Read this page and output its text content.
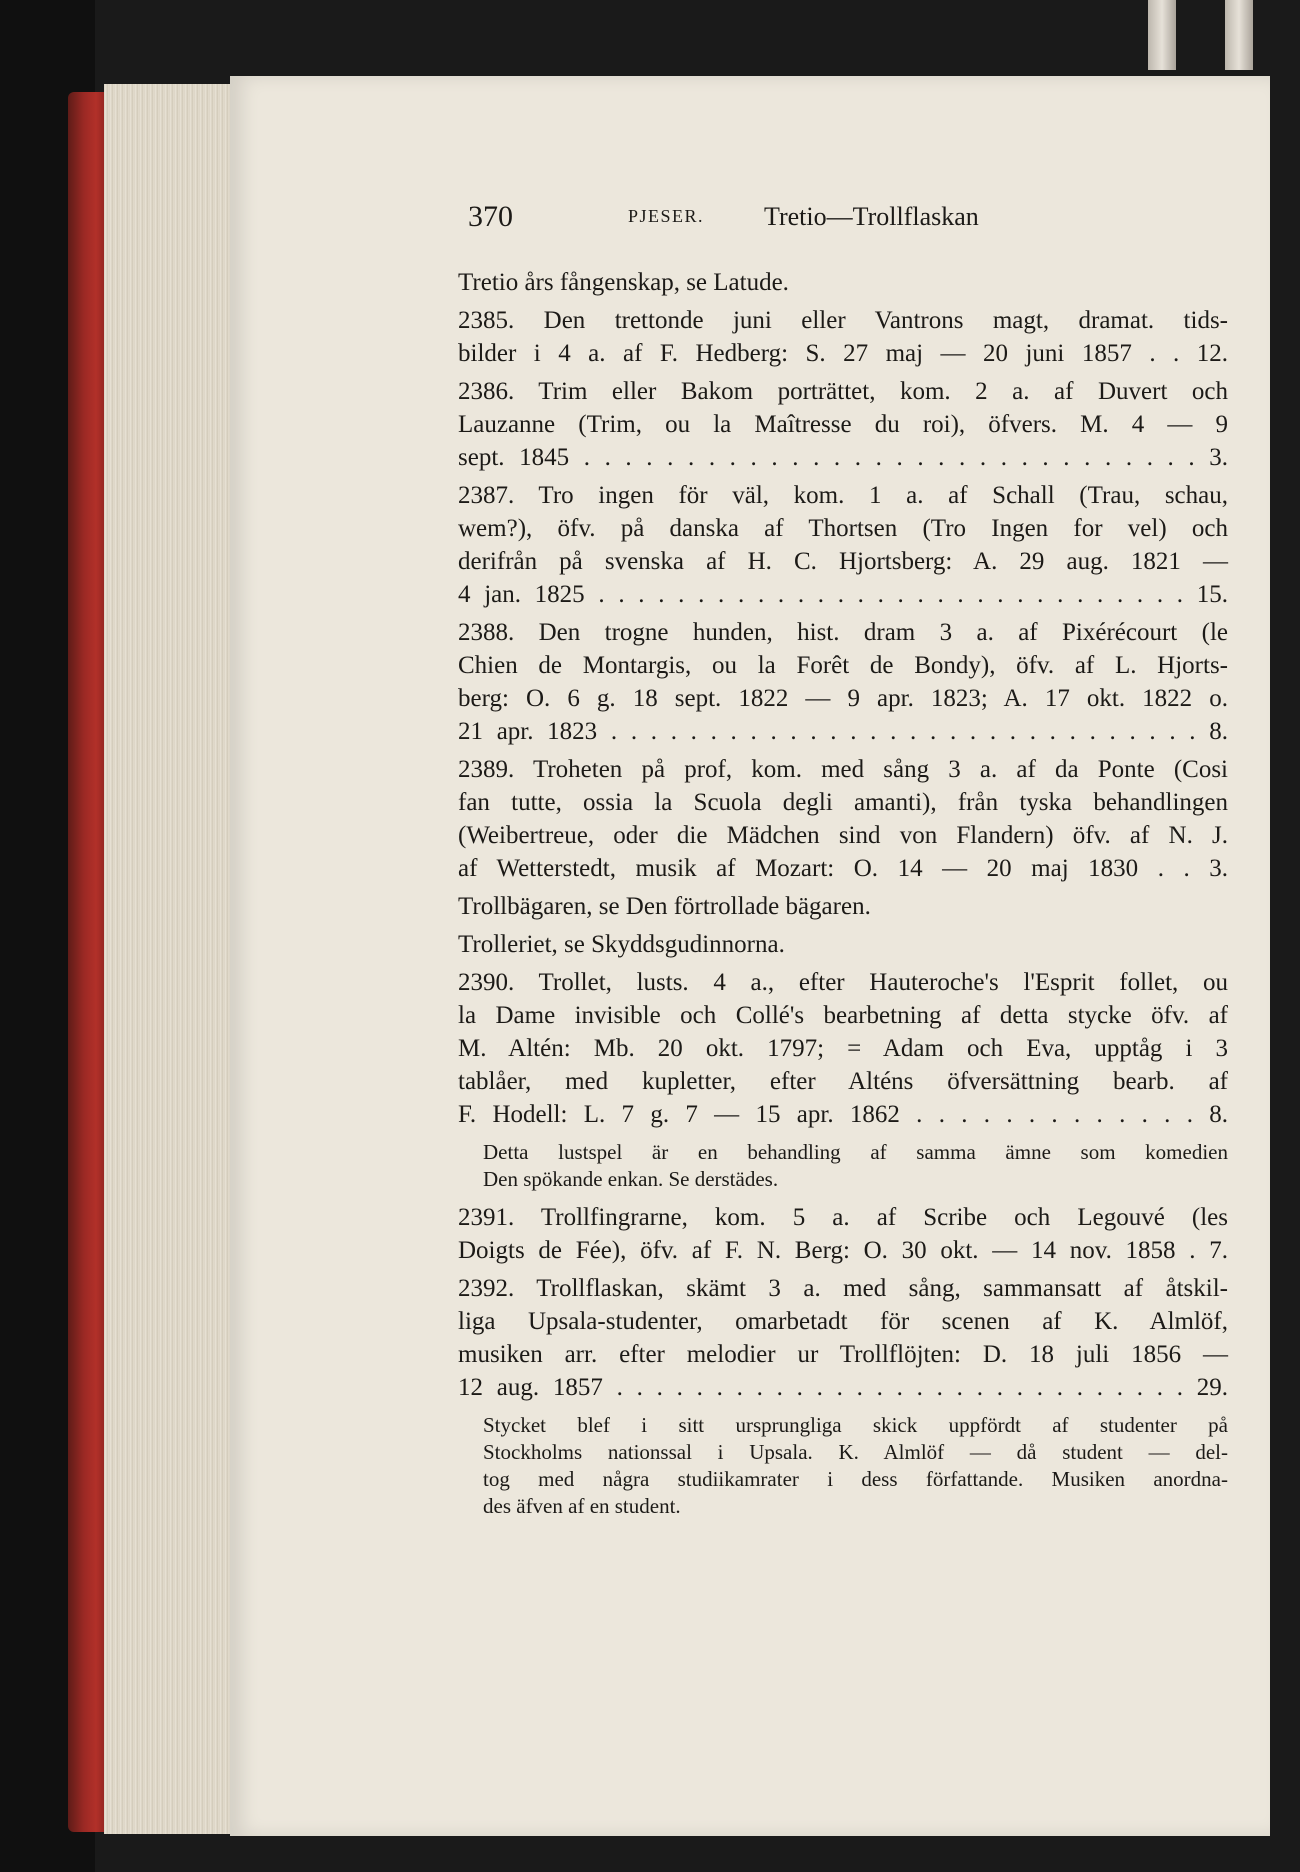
370	PJESER. Tretio—Trollflaskan
Tretio års fångenskap, se Latude.
2385. Den trettonde juni eller Vantrons magt, dramat. tids-
bilder i 4 a. af F. Hedberg: S. 27 maj — 20 juni 1857 . . 12.
2386. Trim eller Bakom porträttet, kom. 2 a. af Duvert och
Lauzanne (Trim, ou la Maîtresse du roi), öfvers. M. 4 — 9
sept. 1845 . . . . . . . . . . . . . . . . . . . . . . . . . . . . . . 3.
2387. Tro ingen för väl, kom. 1 a. af Schall (Trau, schau,
wem?), öfv. på danska af Thortsen (Tro Ingen for vel) och
derifrån på svenska af H. C. Hjortsberg: A. 29 aug. 1821 —
4 jan. 1825 . . . . . . . . . . . . . . . . . . . . . . . . . . . . . . 15.
2388. Den trogne hunden, hist. dram 3 a. af Pixérécourt (le
Chien de Montargis, ou la Forêt de Bondy), öfv. af L. Hjorts-
berg: O. 6 g. 18 sept. 1822 — 9 apr. 1823; A. 17 okt. 1822 o.
21 apr. 1823 . . . . . . . . . . . . . . . . . . . . . . . . . . . . . . 8.
2389. Troheten på prof, kom. med sång 3 a. af da Ponte (Cosi
fan tutte, ossia la Scuola degli amanti), från tyska behandlingen
(Weibertreue, oder die Mädchen sind von Flandern) öfv. af N. J.
af Wetterstedt, musik af Mozart: O. 14 — 20 maj 1830 . . 3.
Trollbägaren, se Den förtrollade bägaren.
Trolleriet, se Skyddsgudinnorna.
2390. Trollet, lusts. 4 a., efter Hauteroche's l'Esprit follet, ou
la Dame invisible och Collé's bearbetning af detta stycke öfv. af
M. Altén: Mb. 20 okt. 1797; = Adam och Eva, upptåg i 3
tablåer, med kupletter, efter Alténs öfversättning bearb. af
F. Hodell: L. 7 g. 7 — 15 apr. 1862 . . . . . . . . . . . . . 8.
Detta lustspel är en behandling af samma ämne som komedien
Den spökande enkan. Se derstädes.
2391. Trollfingrarne, kom. 5 a. af Scribe och Legouvé (les
Doigts de Fée), öfv. af F. N. Berg: O. 30 okt. — 14 nov. 1858 . 7.
2392. Trollflaskan, skämt 3 a. med sång, sammansatt af åtskil-
liga Upsala-studenter, omarbetadt för scenen af K. Almlöf,
musiken arr. efter melodier ur Trollflöjten: D. 18 juli 1856 —
12 aug. 1857 . . . . . . . . . . . . . . . . . . . . . . . . . . . . . 29.
Stycket blef i sitt ursprungliga skick uppfördt af studenter på
Stockholms nationssal i Upsala. K. Almlöf — då student — del-
tog med några studiikamrater i dess författande. Musiken anordna-
des äfven af en student.
